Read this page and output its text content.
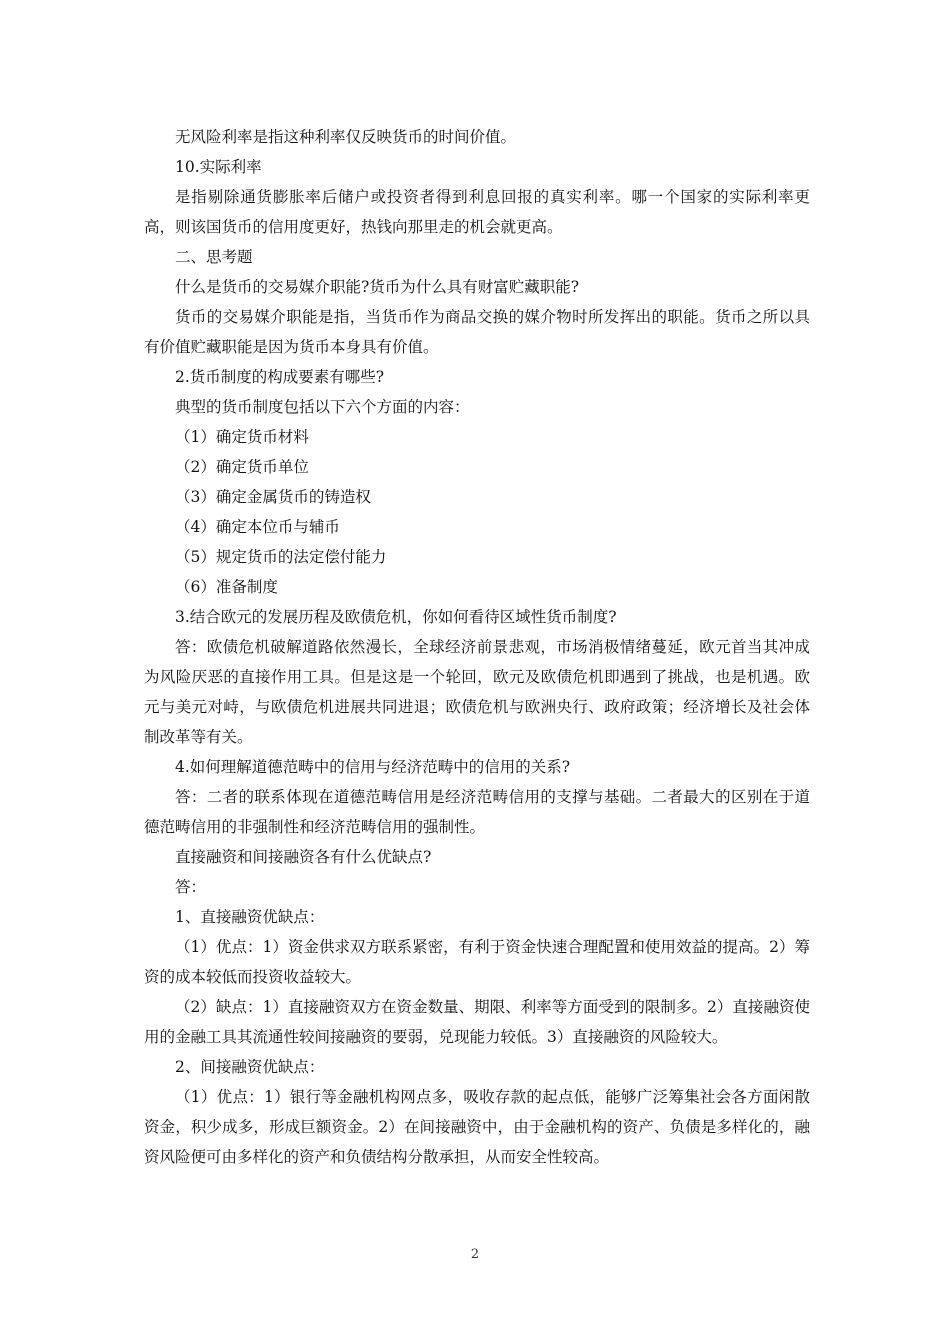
无风险利率是指这种利率仅反映货币的时间价值。

10.实际利率

是指剔除通货膨胀率后储户或投资者得到利息回报的真实利率。哪一个国家的实际利率更高，则该国货币的信用度更好，热钱向那里走的机会就更高。

二、思考题

什么是货币的交易媒介职能?货币为什么具有财富贮藏职能?

货币的交易媒介职能是指，当货币作为商品交换的媒介物时所发挥出的职能。货币之所以具有价值贮藏职能是因为货币本身具有价值。

2.货币制度的构成要素有哪些?

典型的货币制度包括以下六个方面的内容：

（1）确定货币材料

（2）确定货币单位

（3）确定金属货币的铸造权

（4）确定本位币与辅币

（5）规定货币的法定偿付能力

（6）准备制度

3.结合欧元的发展历程及欧债危机，你如何看待区域性货币制度?

答：欧债危机破解道路依然漫长，全球经济前景悲观，市场消极情绪蔓延，欧元首当其冲成为风险厌恶的直接作用工具。但是这是一个轮回，欧元及欧债危机即遇到了挑战，也是机遇。欧元与美元对峙，与欧债危机进展共同进退；欧债危机与欧洲央行、政府政策；经济增长及社会体制改革等有关。

4.如何理解道德范畴中的信用与经济范畴中的信用的关系?

答：二者的联系体现在道德范畴信用是经济范畴信用的支撑与基础。二者最大的区别在于道德范畴信用的非强制性和经济范畴信用的强制性。

直接融资和间接融资各有什么优缺点?

答：

1、直接融资优缺点：

（1）优点：1）资金供求双方联系紧密，有利于资金快速合理配置和使用效益的提高。2）筹资的成本较低而投资收益较大。

（2）缺点：1）直接融资双方在资金数量、期限、利率等方面受到的限制多。2）直接融资使用的金融工具其流通性较间接融资的要弱，兑现能力较低。3）直接融资的风险较大。

2、间接融资优缺点：

（1）优点：1）银行等金融机构网点多，吸收存款的起点低，能够广泛筹集社会各方面闲散资金，积少成多，形成巨额资金。2）在间接融资中，由于金融机构的资产、负债是多样化的，融资风险便可由多样化的资产和负债结构分散承担，从而安全性较高。

2
